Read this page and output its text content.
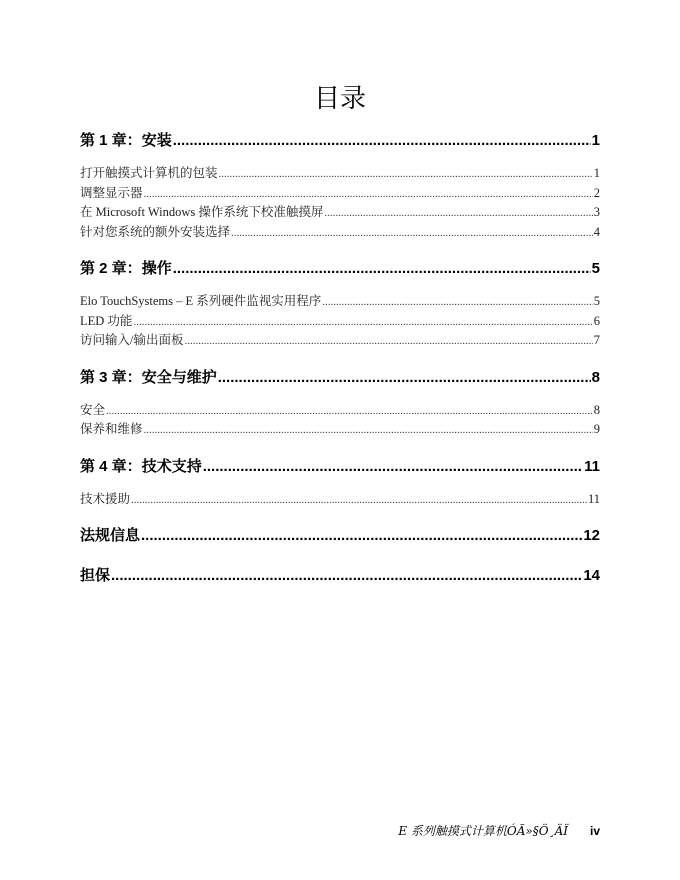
目录
第 1 章： 安装 .....	1
打开触摸式计算机的包装 .....	1
调整显示器 .....	2
在 Microsoft Windows 操作系统下校准触摸屏 .....	3
针对您系统的额外安装选择 .....	4
第 2 章： 操作 .....	5
Elo TouchSystems – E 系列硬件监视实用程序 .....	5
LED 功能 .....	6
访问输入/输出面板 .....	7
第 3 章： 安全与维护 .....	8
安全 .....	8
保养和维修 .....	9
第 4 章： 技术支持 .....	11
技术援助 .....	11
法规信息 .....	12
担保 .....	14
E 系列触摸式计算机ÓÃ»§Ö¸ÄÏ iv
